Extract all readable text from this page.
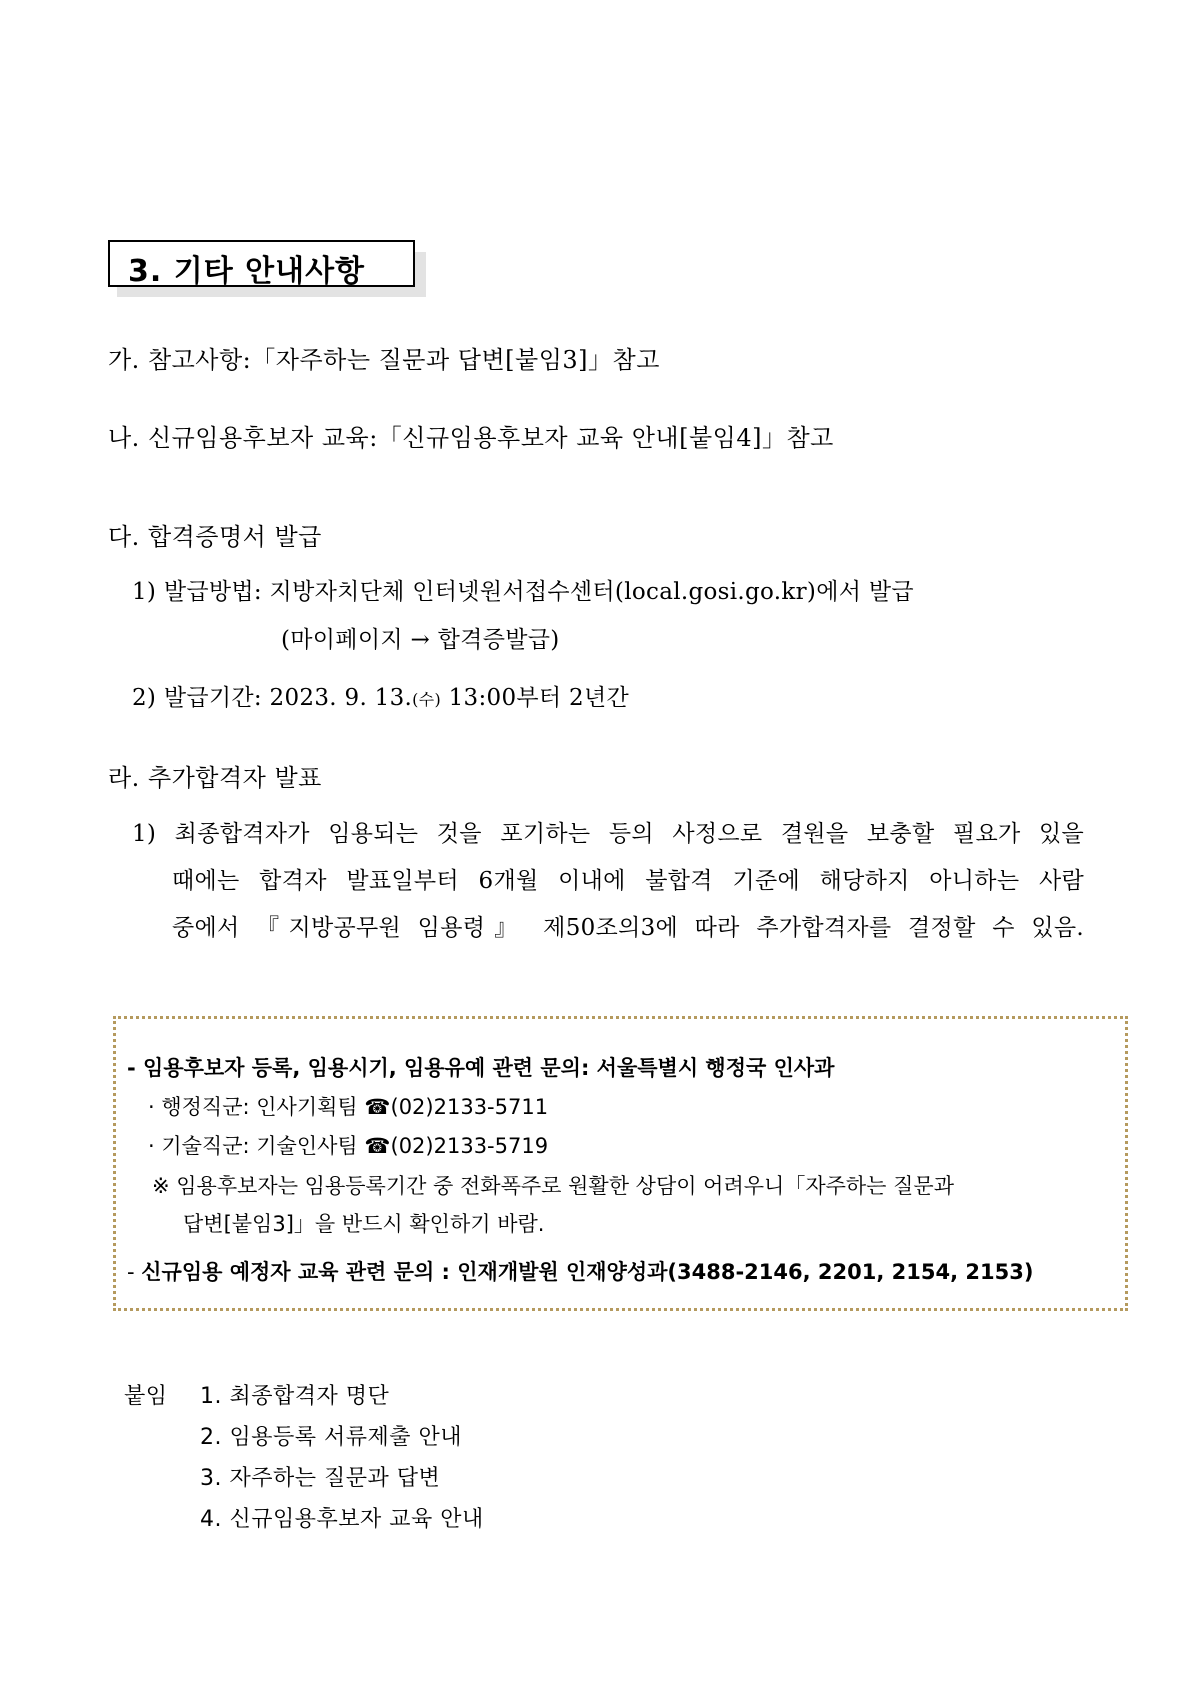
3. 기타 안내사항
가. 참고사항:「자주하는 질문과 답변[붙임3]」참고
나. 신규임용후보자 교육:「신규임용후보자 교육 안내[붙임4]」참고
다. 합격증명서 발급
1) 발급방법: 지방자치단체 인터넷원서접수센터(local.gosi.go.kr)에서 발급
(마이페이지 → 합격증발급)
2) 발급기간: 2023. 9. 13.(수) 13:00부터 2년간
라. 추가합격자 발표
1) 최종합격자가 임용되는 것을 포기하는 등의 사정으로 결원을 보충할 필요가 있을
때에는 합격자 발표일부터 6개월 이내에 불합격 기준에 해당하지 아니하는 사람
중에서 『지방공무원 임용령』 제50조의3에 따라 추가합격자를 결정할 수 있음.
- 임용후보자 등록, 임용시기, 임용유예 관련 문의: 서울특별시 행정국 인사과
· 행정직군: 인사기획팀 ☎(02)2133-5711
· 기술직군: 기술인사팀 ☎(02)2133-5719
※ 임용후보자는 임용등록기간 중 전화폭주로 원활한 상담이 어려우니「자주하는 질문과
답변[붙임3]」을 반드시 확인하기 바람.
- 신규임용 예정자 교육 관련 문의 : 인재개발원 인재양성과(3488-2146, 2201, 2154, 2153)
붙임 1. 최종합격자 명단
2. 임용등록 서류제출 안내
3. 자주하는 질문과 답변
4. 신규임용후보자 교육 안내
